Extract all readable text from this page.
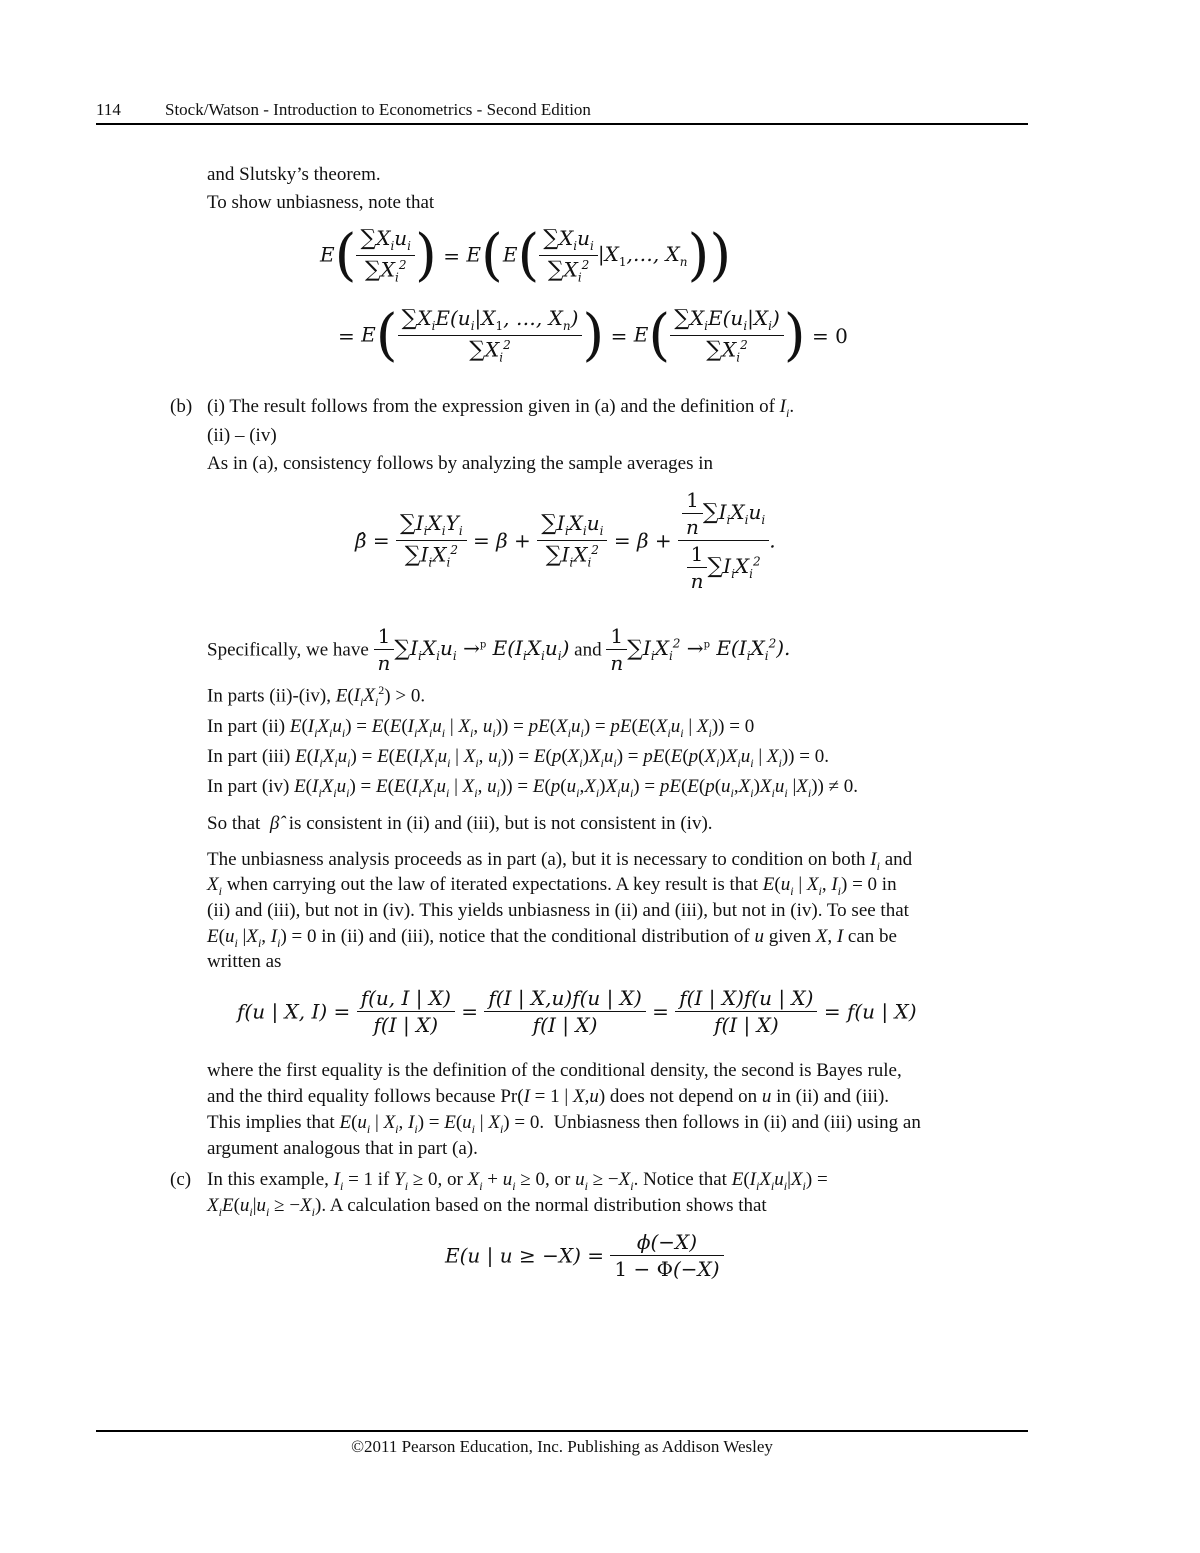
114	Stock/Watson - Introduction to Econometrics - Second Edition
and Slutsky’s theorem.
To show unbiasness, note that
$E( \frac{\sum X_iu_i}{\sum X_i^2}$ ) = $E(E( \frac{\sum X_iu_i}{\sum X_i^2}$ $|X_1,\dots$, $X_n$))
= $E( \frac{\sum X_iE(u_i|X_1, \dots, X_n)}{\sum X_i^2}$ ) = $E( \frac{\sum X_iE(u_i|X_i)}{\sum X_i^2}$ ) = 0
(b) (i) The result follows from the expression given in (a) and the definition of $I_i$.
(ii) – (iv)
As in (a), consistency follows by analyzing the sample averages in
β̂ = $\frac{\sum I_iX_iY_i}{\sum I_iX_i^2} = \beta + \frac{\sum I_iX_iu_i}{\sum I_iX_i^2} = \beta + \frac{\frac{1}{n} \sum I_iX_iu_i}{\frac{1}{n} \sum I_iX_i^2}$ .
Specifically, we have $\frac{1}{n} \sum I_iX_iu_i \to^p$ $E(I_iX_iu_i)$ and $\frac{1}{n} \sum I_iX_i^2 \to^p$ $E(I_iX_i^2)$.
In parts (ii)-(iv), $E(I_iX_i^2) > 0$.
In part (ii) $E(I_iX_iu_i) = E(E(I_iX_iu_i$ | $X_i$, $u_i)) = pE(X_iu_i) = pE(E(X_iu_i$ | $X_i)) = 0$
In part (iii) $E(I_iX_iu_i) = E(E(I_iX_iu_i$ | $X_i$, $u_i)) = E(p(X_i)X_iu_i) = pE(E(p(X_i)X_iu_i$ | $X_i)) = 0$.
In part (iv) $E(I_iX_iu_i) = E(E(I_iX_iu_i$ | $X_i$, $u_i)) = E(p(u_i,X_i)X_iu_i) = pE(E(p(u_i,X_i)X_iu_i$ $|X_i)) \ne 0$.
So that β̂ is consistent in (ii) and (iii), but is not consistent in (iv).
The unbiasness analysis proceeds as in part (a), but it is necessary to condition on both $I_i$ and
$X_i$ when carrying out the law of iterated expectations. A key result is that $E(u_i$ | $X_i$, $I_i) = 0$ in
(ii) and (iii), but not in (iv). This yields unbiasness in (ii) and (iii), but not in (iv). To see that
$E(u_i$ $|X_i$, $I_i) = 0$ in (ii) and (iii), notice that the conditional distribution of u given X, I can be
written as
f(u | X, $I) = \frac{f(u, I | X)}{f(I | X)} = \frac{f(I | X,u)f(u | X)}{f(I | X)} = \frac{f(I | X)f(u | X)}{f(I | X)} = f(u$ | X)
where the first equality is the definition of the conditional density, the second is Bayes rule,
and the third equality follows because Pr(I = 1 | X,u) does not depend on u in (ii) and (iii).
This implies that $E(u_i$ | $X_i$, $I_i) = E(u_i$ | $X_i) = 0$.  Unbiasness then follows in (ii) and (iii) using an
argument analogous that in part (a).
(c) In this example, $I_i = 1$ if $Y_i \ge 0$, or $X_i + u_i \ge 0$, or $u_i \ge -X_i$. Notice that $E(I_iX_iu_i|X_i)$ =
$X_iE(u_i|u_i \ge -X_i)$. A calculation based on the normal distribution shows that
E(u | $u \ge -X) = \frac{\phi(-X)}{1 - \Phi(-X)}$
©2011 Pearson Education, Inc. Publishing as Addison Wesley
